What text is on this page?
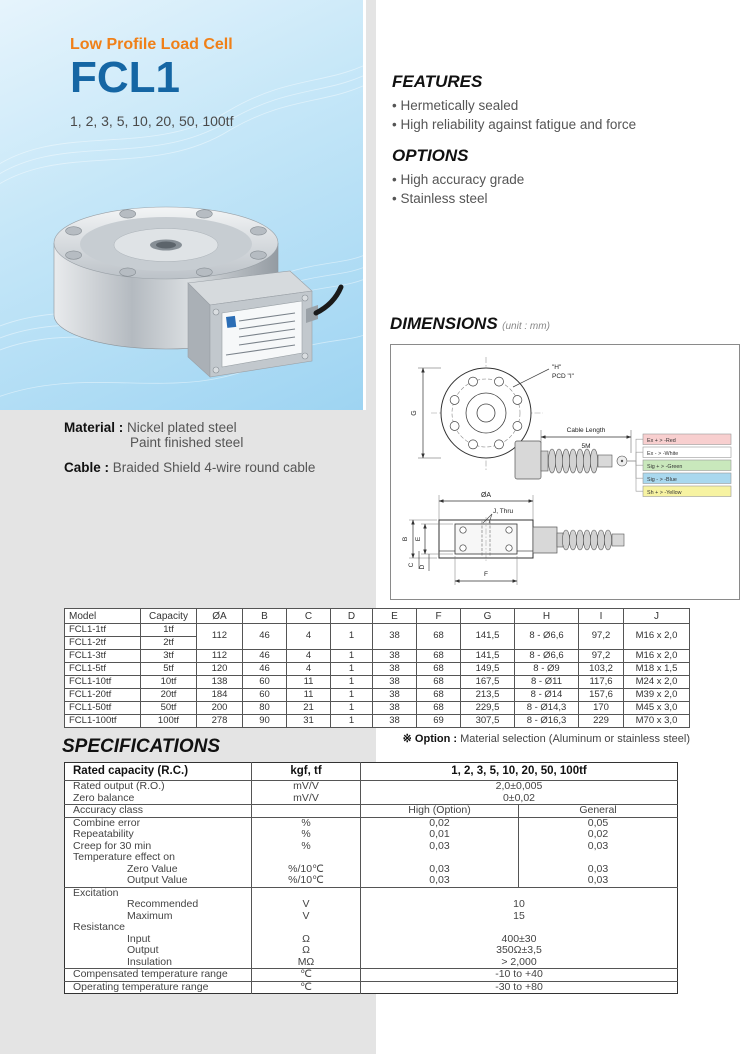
Low Profile Load Cell
FCL1
1, 2, 3, 5, 10, 20, 50, 100tf
FEATURES
• Hermetically sealed
• High reliability against fatigue and force
OPTIONS
• High accuracy grade
• Stainless steel
DIMENSIONS (unit : mm)
"H"
PCD "I"
G
Cable Length
5M
Ex + > -Red
Ex - > -White
Sig + > -Green
Sig - > -Blue
Sh + > -Yellow
ØA
J, Thru
B E
C D
F
Material : Nickel plated steel
Paint finished steel
Cable : Braided Shield 4-wire round cable
Model	Capacity	ØA	B	C	D	E	F	G	H	I	J
FCL1-1tf	1tf	112	46	4	1	38	68	141,5	8 - Ø6,6	97,2	M16 x 2,0
FCL1-2tf	2tf										
FCL1-3tf	3tf	112	46	4	1	38	68	141,5	8 - Ø6,6	97,2	M16 x 2,0
FCL1-5tf	5tf	120	46	4	1	38	68	149,5	8 - Ø9	103,2	M18 x 1,5
FCL1-10tf	10tf	138	60	11	1	38	68	167,5	8 - Ø11	117,6	M24 x 2,0
FCL1-20tf	20tf	184	60	11	1	38	68	213,5	8 - Ø14	157,6	M39 x 2,0
FCL1-50tf	50tf	200	80	21	1	38	68	229,5	8 - Ø14,3	170	M45 x 3,0
FCL1-100tf	100tf	278	90	31	1	38	69	307,5	8 - Ø16,3	229	M70 x 3,0
※ Option : Material selection (Aluminum or stainless steel)
SPECIFICATIONS
Rated capacity (R.C.)	kgf, tf	1, 2, 3, 5, 10, 20, 50, 100tf	
Rated output (R.O.)	mV/V	2,0±0,005	
Zero balance	mV/V	0±0,02	
Accuracy class		High (Option)	General
Combine error	%	0,02	0,05
Repeatability	%	0,01	0,02
Creep for 30 min	%	0,03	0,03
Temperature effect on			
Zero Value	%/10℃	0,03	0,03
Output Value	%/10℃	0,03	0,03
Excitation			
Recommended	V	10	
Maximum	V	15	
Resistance			
Input	Ω	400±30	
Output	Ω	350Ω±3,5	
Insulation	MΩ	> 2,000	
Compensated temperature range	℃	-10 to +40	
Operating temperature range	℃	-30 to +80	
